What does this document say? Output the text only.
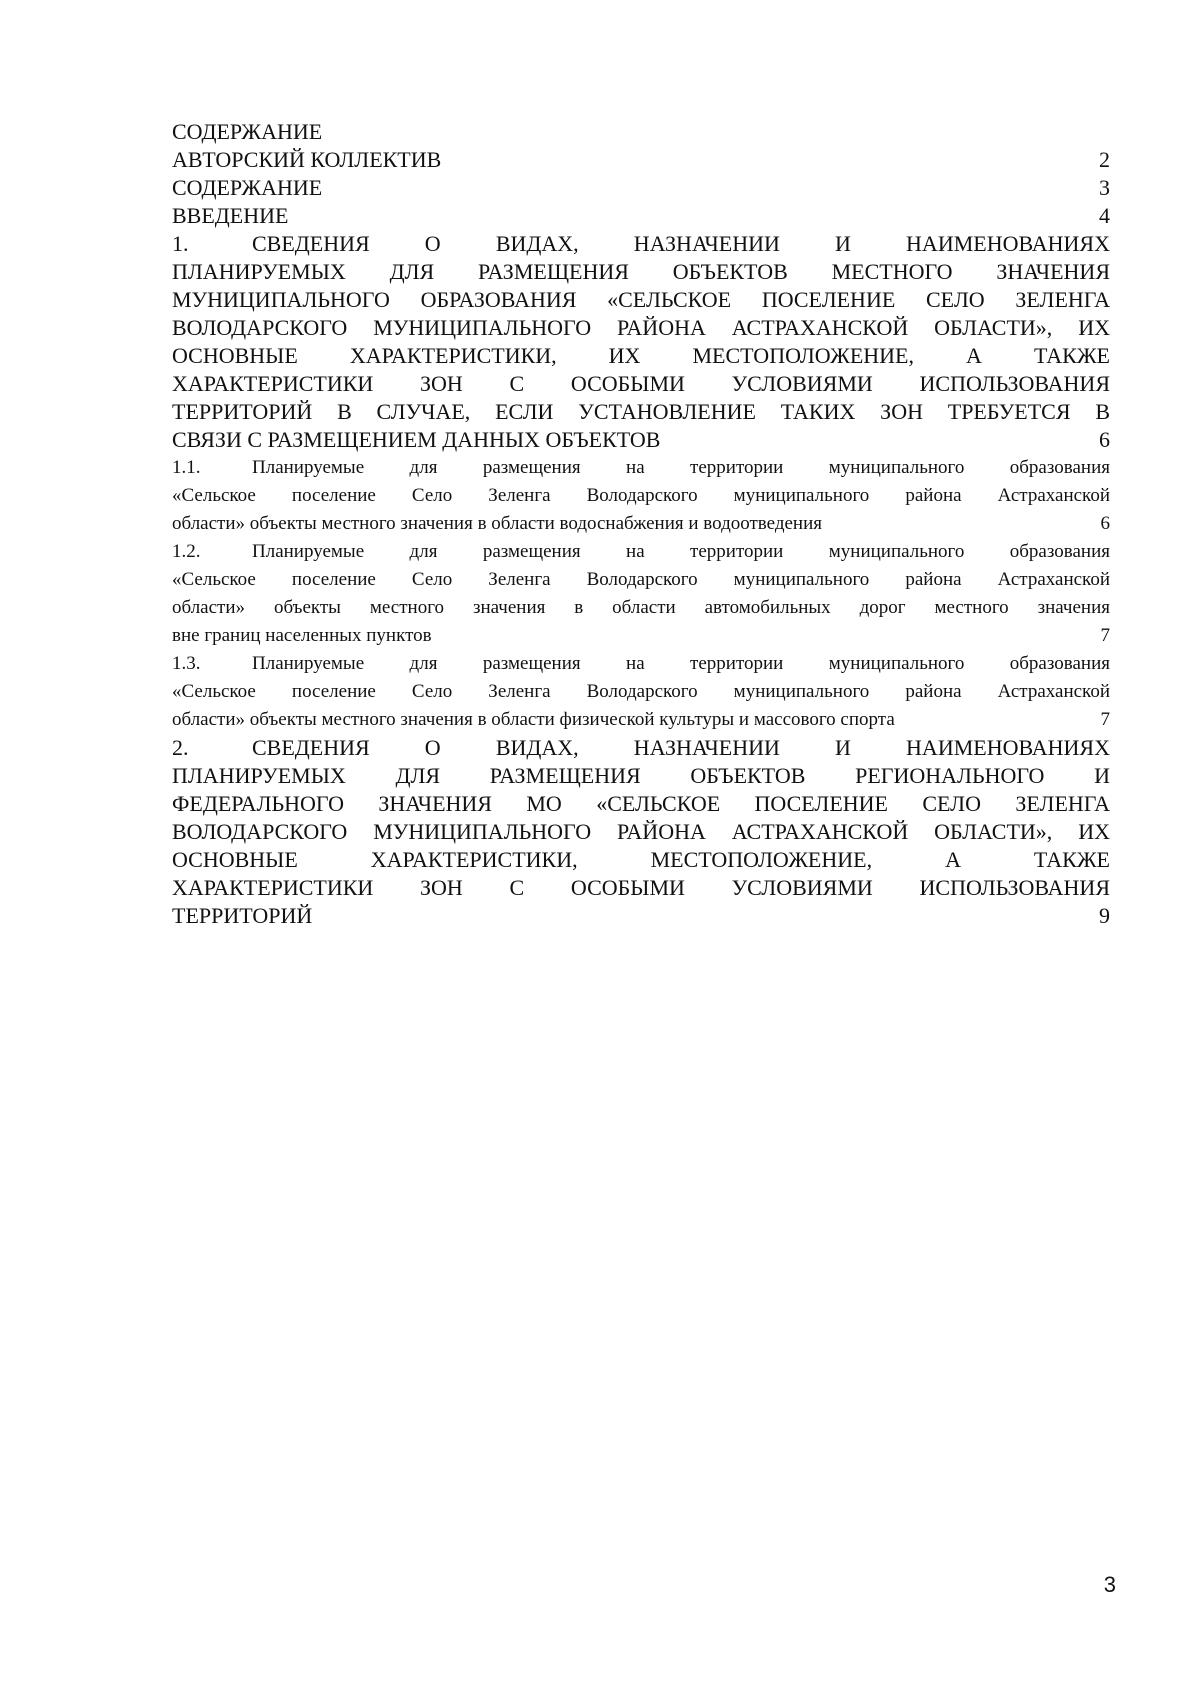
СОДЕРЖАНИЕ
АВТОРСКИЙ КОЛЛЕКТИВ	2
СОДЕРЖАНИЕ	3
ВВЕДЕНИЕ	4
1.	СВЕДЕНИЯ О ВИДАХ, НАЗНАЧЕНИИ И НАИМЕНОВАНИЯХ
ПЛАНИРУЕМЫХ ДЛЯ РАЗМЕЩЕНИЯ ОБЪЕКТОВ МЕСТНОГО ЗНАЧЕНИЯ
МУНИЦИПАЛЬНОГО ОБРАЗОВАНИЯ «СЕЛЬСКОЕ ПОСЕЛЕНИЕ СЕЛО ЗЕЛЕНГА
ВОЛОДАРСКОГО МУНИЦИПАЛЬНОГО РАЙОНА АСТРАХАНСКОЙ ОБЛАСТИ», ИХ
ОСНОВНЫЕ ХАРАКТЕРИСТИКИ, ИХ МЕСТОПОЛОЖЕНИЕ, А ТАКЖЕ
ХАРАКТЕРИСТИКИ ЗОН С ОСОБЫМИ УСЛОВИЯМИ ИСПОЛЬЗОВАНИЯ
ТЕРРИТОРИЙ В СЛУЧАЕ, ЕСЛИ УСТАНОВЛЕНИЕ ТАКИХ ЗОН ТРЕБУЕТСЯ В
СВЯЗИ С РАЗМЕЩЕНИЕМ ДАННЫХ ОБЪЕКТОВ	6
1.1.	Планируемые для размещения на территории муниципального образования
«Сельское поселение Село Зеленга Володарского муниципального района Астраханской
области» объекты местного значения в области водоснабжения и водоотведения	6
1.2.	Планируемые для размещения на территории муниципального образования
«Сельское поселение Село Зеленга Володарского муниципального района Астраханской
области» объекты местного значения в области автомобильных дорог местного значения
вне границ населенных пунктов	7
1.3.	Планируемые для размещения на территории муниципального образования
«Сельское поселение Село Зеленга Володарского муниципального района Астраханской
области» объекты местного значения в области физической культуры и массового спорта	7
2.	СВЕДЕНИЯ О ВИДАХ, НАЗНАЧЕНИИ И НАИМЕНОВАНИЯХ
ПЛАНИРУЕМЫХ ДЛЯ РАЗМЕЩЕНИЯ ОБЪЕКТОВ РЕГИОНАЛЬНОГО И
ФЕДЕРАЛЬНОГО ЗНАЧЕНИЯ МО «СЕЛЬСКОЕ ПОСЕЛЕНИЕ СЕЛО ЗЕЛЕНГА
ВОЛОДАРСКОГО МУНИЦИПАЛЬНОГО РАЙОНА АСТРАХАНСКОЙ ОБЛАСТИ», ИХ
ОСНОВНЫЕ ХАРАКТЕРИСТИКИ, МЕСТОПОЛОЖЕНИЕ, А ТАКЖЕ
ХАРАКТЕРИСТИКИ ЗОН С ОСОБЫМИ УСЛОВИЯМИ ИСПОЛЬЗОВАНИЯ
ТЕРРИТОРИЙ	9
3
